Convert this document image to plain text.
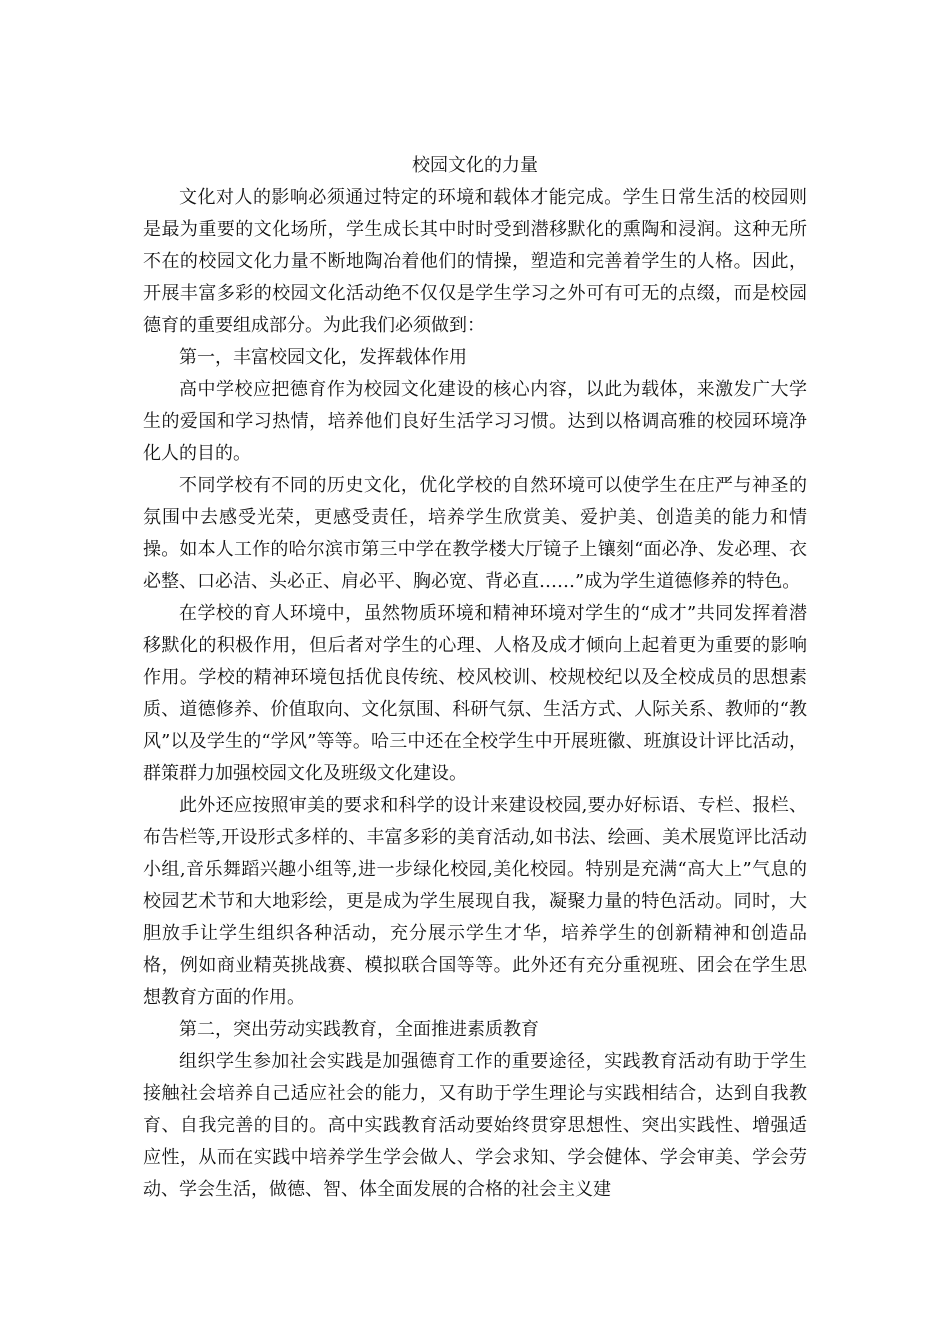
校园文化的力量

文化对人的影响必须通过特定的环境和载体才能完成。学生日常生活的校园则是最为重要的文化场所，学生成长其中时时受到潜移默化的熏陶和浸润。这种无所不在的校园文化力量不断地陶冶着他们的情操，塑造和完善着学生的人格。因此，开展丰富多彩的校园文化活动绝不仅仅是学生学习之外可有可无的点缀，而是校园德育的重要组成部分。为此我们必须做到：

第一，丰富校园文化，发挥载体作用

高中学校应把德育作为校园文化建设的核心内容，以此为载体，来激发广大学生的爱国和学习热情，培养他们良好生活学习习惯。达到以格调高雅的校园环境净化人的目的。

不同学校有不同的历史文化，优化学校的自然环境可以使学生在庄严与神圣的氛围中去感受光荣，更感受责任，培养学生欣赏美、爱护美、创造美的能力和情操。如本人工作的哈尔滨市第三中学在教学楼大厅镜子上镶刻“面必净、发必理、衣必整、口必洁、头必正、肩必平、胸必宽、背必直……”成为学生道德修养的特色。

在学校的育人环境中，虽然物质环境和精神环境对学生的“成才”共同发挥着潜移默化的积极作用，但后者对学生的心理、人格及成才倾向上起着更为重要的影响作用。学校的精神环境包括优良传统、校风校训、校规校纪以及全校成员的思想素质、道德修养、价值取向、文化氛围、科研气氛、生活方式、人际关系、教师的“教风”以及学生的“学风”等等。哈三中还在全校学生中开展班徽、班旗设计评比活动，群策群力加强校园文化及班级文化建设。

此外还应按照审美的要求和科学的设计来建设校园,要办好标语、专栏、报栏、布告栏等,开设形式多样的、丰富多彩的美育活动,如书法、绘画、美术展览评比活动小组,音乐舞蹈兴趣小组等,进一步绿化校园,美化校园。特别是充满“高大上”气息的校园艺术节和大地彩绘，更是成为学生展现自我，凝聚力量的特色活动。同时，大胆放手让学生组织各种活动，充分展示学生才华，培养学生的创新精神和创造品格，例如商业精英挑战赛、模拟联合国等等。此外还有充分重视班、团会在学生思想教育方面的作用。

第二，突出劳动实践教育，全面推进素质教育

组织学生参加社会实践是加强德育工作的重要途径，实践教育活动有助于学生接触社会培养自己适应社会的能力，又有助于学生理论与实践相结合，达到自我教育、自我完善的目的。高中实践教育活动要始终贯穿思想性、突出实践性、增强适应性，从而在实践中培养学生学会做人、学会求知、学会健体、学会审美、学会劳动、学会生活，做德、智、体全面发展的合格的社会主义建
